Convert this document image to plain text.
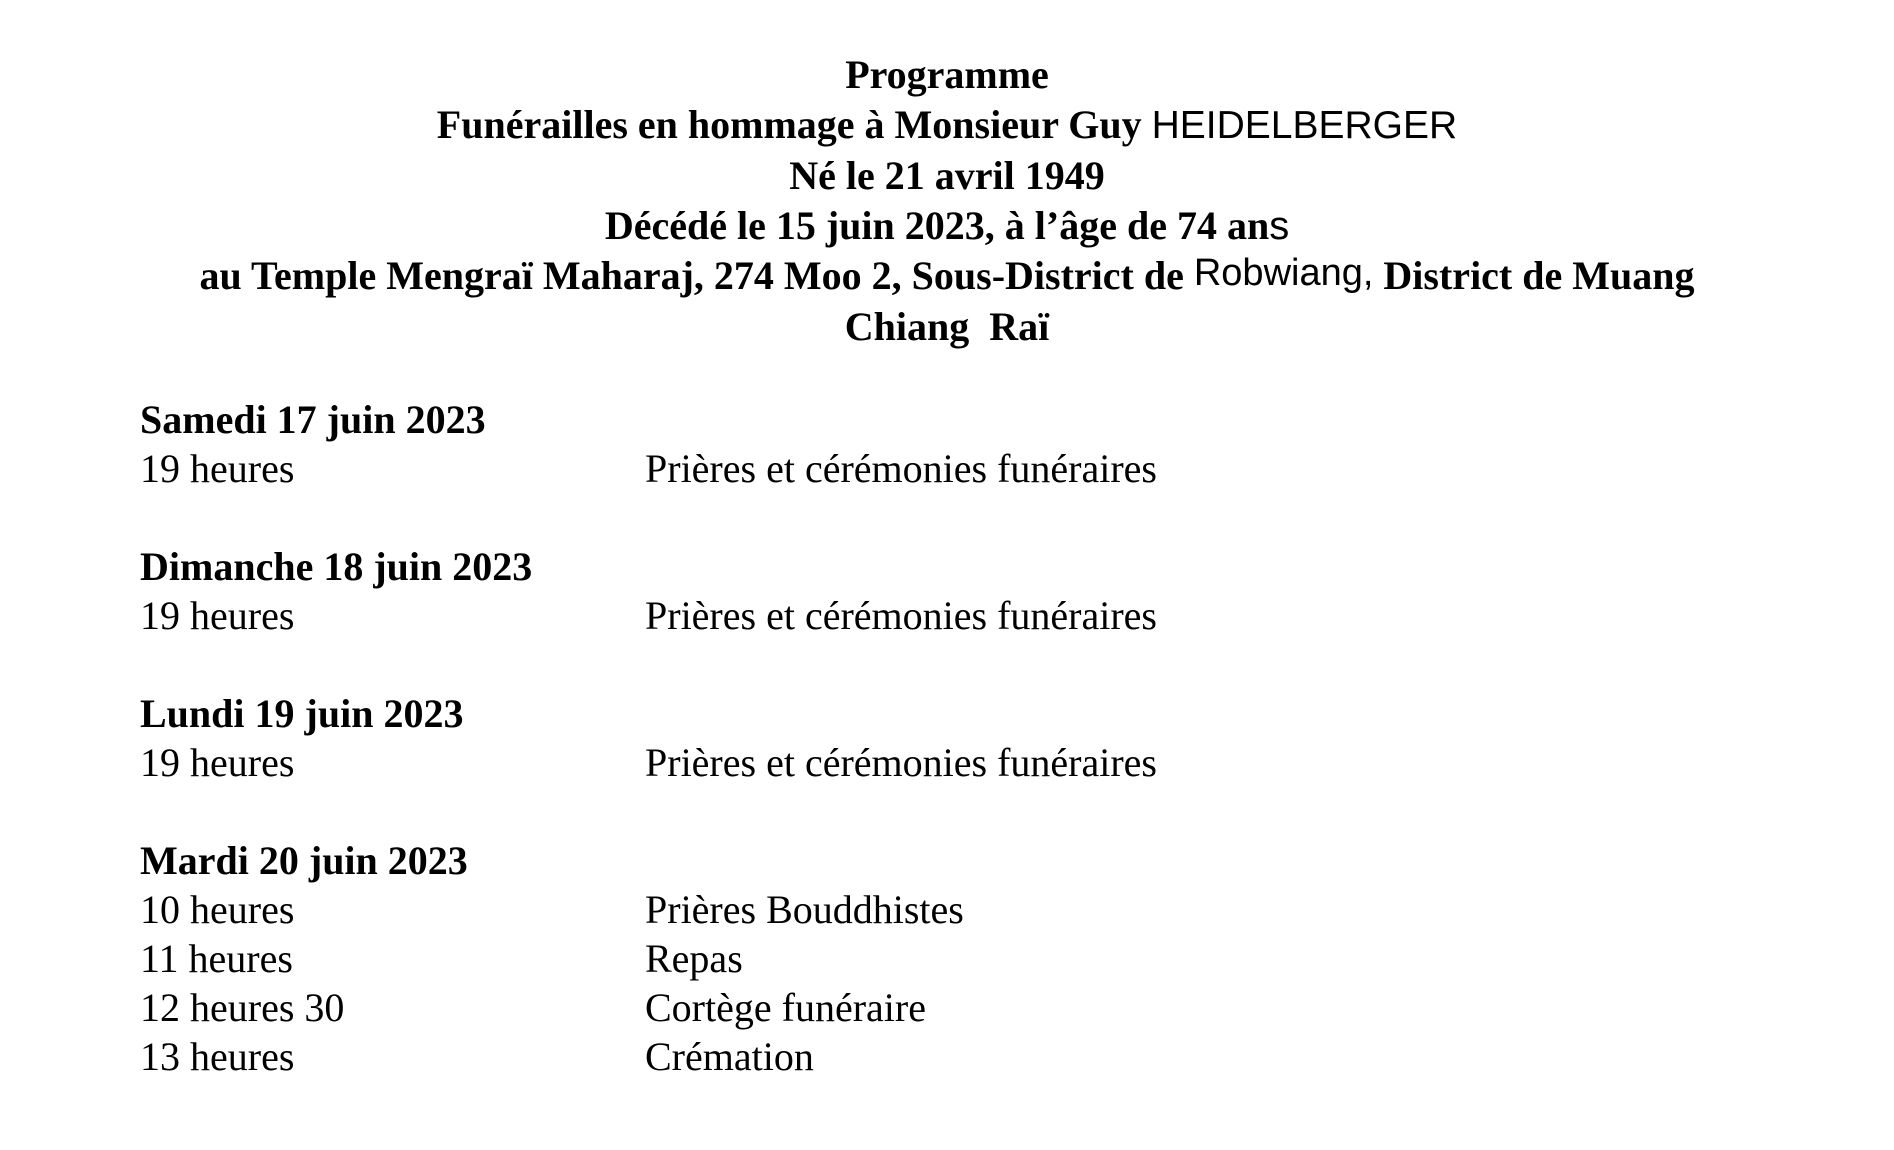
Programme
Funérailles en hommage à Monsieur Guy HEIDELBERGER
Né le 21 avril 1949
Décédé le 15 juin 2023, à l’âge de 74 ans
au Temple Mengraï Maharaj, 274 Moo 2, Sous-District de Robwiang, District de Muang
Chiang  Raï
Samedi 17 juin 2023
19 heures	Prières et cérémonies funéraires
Dimanche 18 juin 2023
19 heures	Prières et cérémonies funéraires
Lundi 19 juin 2023
19 heures	Prières et cérémonies funéraires
Mardi 20 juin 2023
10 heures	Prières Bouddhistes
11 heures	Repas
12 heures 30	Cortège funéraire
13 heures	Crémation
